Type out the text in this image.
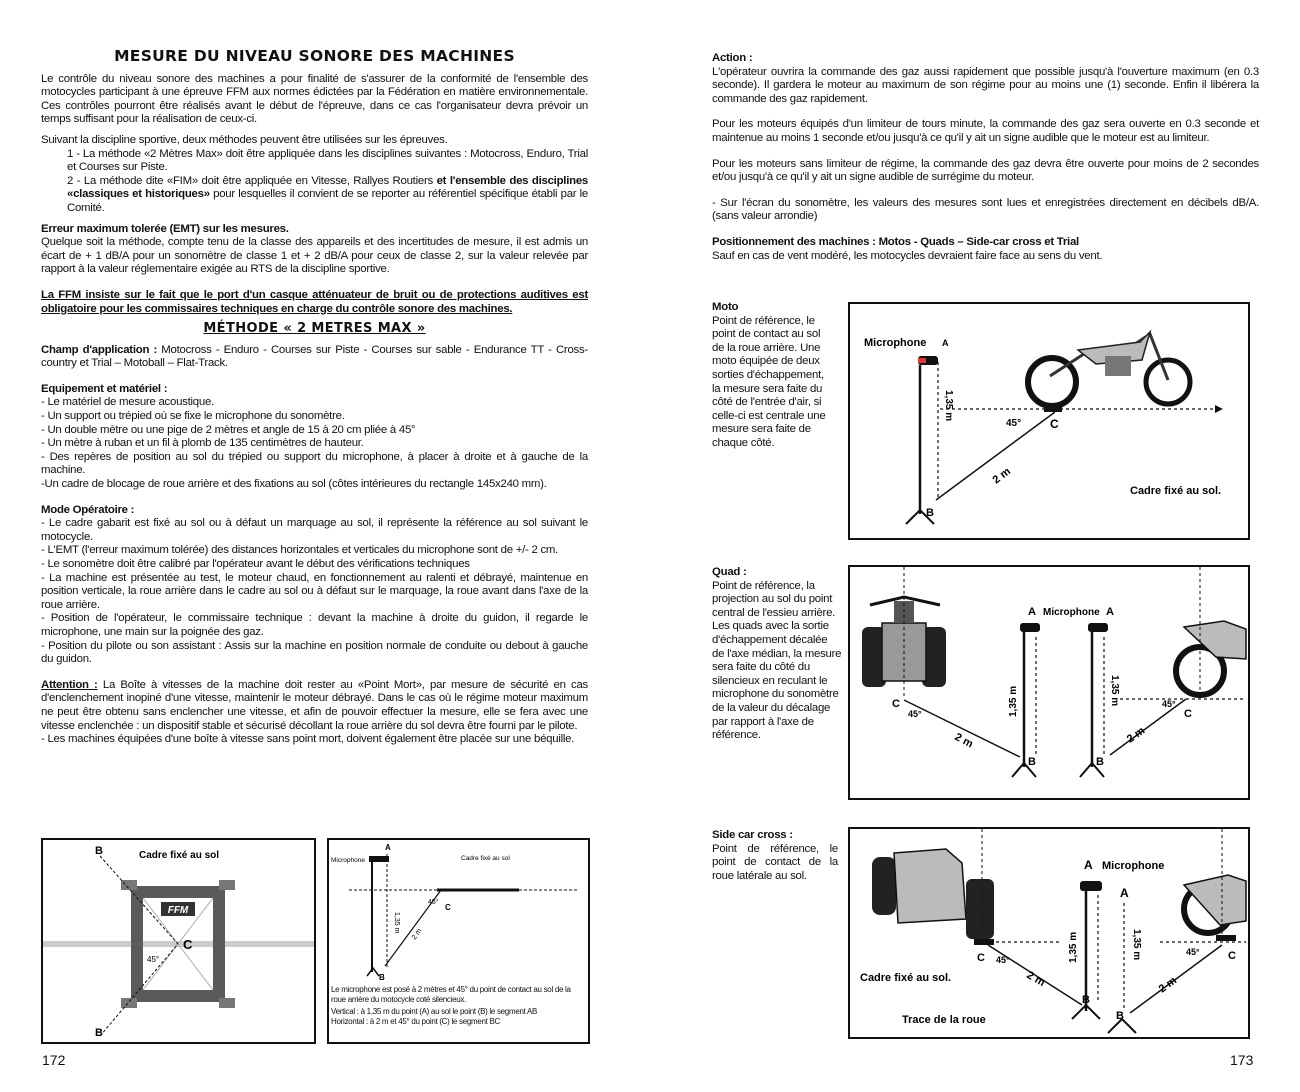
MESURE DU NIVEAU SONORE DES MACHINES

Le contrôle du niveau sonore des machines a pour finalité de s'assurer de la conformité de l'ensemble des motocycles participant à une épreuve FFM aux normes édictées par la Fédération en matière environnementale. Ces contrôles pourront être réalisés avant le début de l'épreuve, dans ce cas l'organisateur devra prévoir un temps suffisant pour la réalisation de ceux-ci.

Suivant la discipline sportive, deux méthodes peuvent être utilisées sur les épreuves.

1 - La méthode «2 Mètres Max» doit être appliquée dans les disciplines suivantes : Motocross, Enduro, Trial et Courses sur Piste.

2 - La méthode dite «FIM» doit être appliquée en Vitesse, Rallyes Routiers et l'ensemble des disciplines «classiques et historiques» pour lesquelles il convient de se reporter au référentiel spécifique établi par le Comité.

Erreur maximum tolerée (EMT) sur les mesures.

Quelque soit la méthode, compte tenu de la classe des appareils et des incertitudes de mesure, il est admis un écart de + 1 dB/A pour un sonomètre de classe 1 et + 2 dB/A pour ceux de classe 2, sur la valeur relevée par rapport à la valeur réglementaire exigée au RTS de la discipline sportive.

La FFM insiste sur le fait que le port d'un casque atténuateur de bruit ou de protections auditives est obligatoire pour les commissaires techniques en charge du contrôle sonore des machines.

MÉTHODE « 2 METRES MAX »

Champ d'application : Motocross - Enduro - Courses sur Piste - Courses sur sable - Endurance TT - Cross-country et Trial – Motoball – Flat-Track.

Equipement et matériel :

- Le matériel de mesure acoustique.

- Un support ou trépied où se fixe le microphone du sonomètre.

- Un double mètre ou une pige de 2 mètres et angle de 15 à 20 cm pliée à 45°

- Un mètre à ruban et un fil à plomb de 135 centimètres de hauteur.

- Des repères de position au sol du trépied ou support du microphone, à placer à droite et à gauche de la machine.

-Un cadre de blocage de roue arrière et des fixations au sol (côtes intérieures du rectangle 145x240 mm).

Mode Opératoire :

- Le cadre gabarit est fixé au sol ou à défaut un marquage au sol, il représente la référence au sol suivant le motocycle.

- L'EMT (l'erreur maximum tolérée) des distances horizontales et verticales du microphone sont de +/- 2 cm.

- Le sonomètre doit être calibré par l'opérateur avant le début des vérifications techniques

- La machine est présentée au test, le moteur chaud, en fonctionnement au ralenti et débrayé, maintenue en position verticale, la roue arrière dans le cadre au sol ou à défaut sur le marquage, la roue avant dans l'axe de la roue arrière.

- Position de l'opérateur, le commissaire technique : devant la machine à droite du guidon, il regarde le microphone, une main sur la poignée des gaz.

- Position du pilote ou son assistant : Assis sur la machine en position normale de conduite ou debout à gauche du guidon.

Attention : La Boîte à vitesses de la machine doit rester au «Point Mort», par mesure de sécurité en cas d'enclenchement inopiné d'une vitesse, maintenir le moteur débrayé. Dans le cas où le régime moteur maximum ne peut être obtenu sans enclencher une vitesse, et afin de pouvoir effectuer la mesure, elle se fera avec une vitesse enclenchée : un dispositif stable et sécurisé décollant la roue arrière du sol devra être fourni par le pilote.

- Les machines équipées d'une boîte à vitesse sans point mort, doivent également être placée sur une béquille.

FFM
B
B
C
45°
Cadre fixé au sol
A
Microphone
1,35 m
45°
C
2 m
Cadre fixé au sol
B

Le microphone est posé à 2 mètres et 45° du point de contact au sol de la roue arrière du motocycle coté silencieux.

Vertical : à 1,35 m du point (A) au sol le point (B) le segment AB

Horizontal : à 2 m et 45° du point (C) le segment BC

172

Action :

L'opérateur ouvrira la commande des gaz aussi rapidement que possible jusqu'à l'ouverture maximum (en 0.3 seconde). Il gardera le moteur au maximum de son régime pour au moins une (1) seconde. Enfin il libérera la commande des gaz rapidement.

Pour les moteurs équipés d'un limiteur de tours minute, la commande des gaz sera ouverte en 0.3 seconde et maintenue au moins 1 seconde et/ou jusqu'à ce qu'il y ait un signe audible que le moteur est au limiteur.

Pour les moteurs sans limiteur de régime, la commande des gaz devra être ouverte pour moins de 2 secondes et/ou jusqu'à ce qu'il y ait un signe audible de surrégime du moteur.

- Sur l'écran du sonomètre, les valeurs des mesures sont lues et enregistrées directement en décibels dB/A. (sans valeur arrondie)

Positionnement des machines : Motos - Quads – Side-car cross et Trial

Sauf en cas de vent modéré, les motocycles devraient faire face au sens du vent.

Moto

Point de référence, le point de contact au sol de la roue arrière. Une moto équipée de deux sorties d'échappement, la mesure sera faite du côté de l'entrée d'air, si celle-ci est centrale une mesure sera faite de chaque côté.

Microphone A
1,35 m
45° C
2 m
Cadre fixé au sol.
B

Quad :

Point de référence, la projection au sol du point central de l'essieu arrière. Les quads avec la sortie d'échappement décalée de l'axe médian, la mesure sera faite du côté du silencieux en reculant le microphone du sonomètre de la valeur du décalage par rapport à l'axe de référence.

C
45°
2 m
A Microphone A
1,35 m	1,35 m
B	B
2 m
45°
C

Side car cross :

Point de référence, le point de contact de la roue latérale au sol.

C 45°
2 m
Cadre fixé au sol.
Trace de la roue
A Microphone
1,35 m
B
A
1,35 m
B
2 m
45°	C
173
